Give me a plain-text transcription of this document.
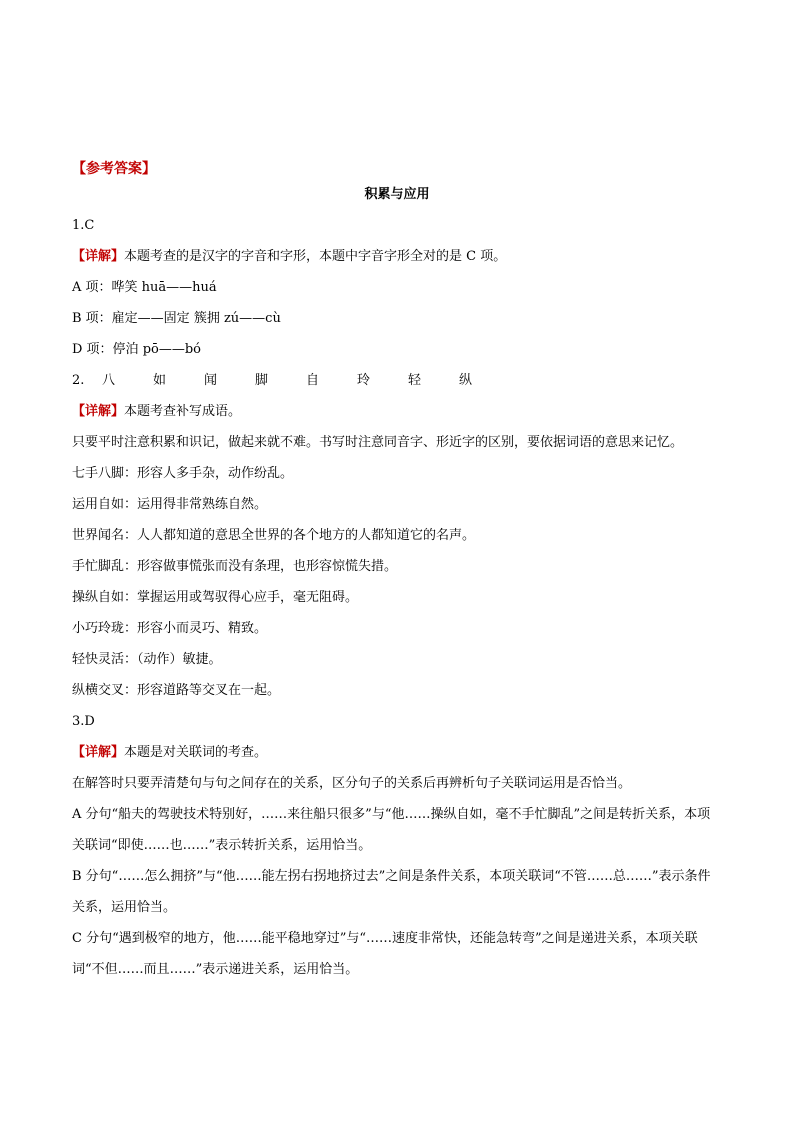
【参考答案】
积累与应用
1.C
【详解】本题考查的是汉字的字音和字形，本题中字音字形全对的是 C 项。
A 项：哗笑 huā——huá
B 项：雇定——固定 簇拥 zú——cù
D 项：停泊 pō——bó
2.	八	如	闻	脚	自	玲	轻	纵
【详解】本题考查补写成语。
只要平时注意积累和识记，做起来就不难。书写时注意同音字、形近字的区别，要依据词语的意思来记忆。
七手八脚：形容人多手杂，动作纷乱。
运用自如：运用得非常熟练自然。
世界闻名：人人都知道的意思全世界的各个地方的人都知道它的名声。
手忙脚乱：形容做事慌张而没有条理，也形容惊慌失措。
操纵自如：掌握运用或驾驭得心应手，毫无阻碍。
小巧玲珑：形容小而灵巧、精致。
轻快灵活：（动作）敏捷。
纵横交叉：形容道路等交叉在一起。
3.D
【详解】本题是对关联词的考查。
在解答时只要弄清楚句与句之间存在的关系，区分句子的关系后再辨析句子关联词运用是否恰当。
A 分句“船夫的驾驶技术特别好，……来往船只很多”与“他……操纵自如，毫不手忙脚乱”之间是转折关系，本项关联词“即使……也……”表示转折关系，运用恰当。
B 分句“……怎么拥挤”与“他……能左拐右拐地挤过去”之间是条件关系，本项关联词“不管……总……”表示条件关系，运用恰当。
C 分句“遇到极窄的地方，他……能平稳地穿过”与“……速度非常快，还能急转弯”之间是递进关系，本项关联词“不但……而且……”表示递进关系，运用恰当。
